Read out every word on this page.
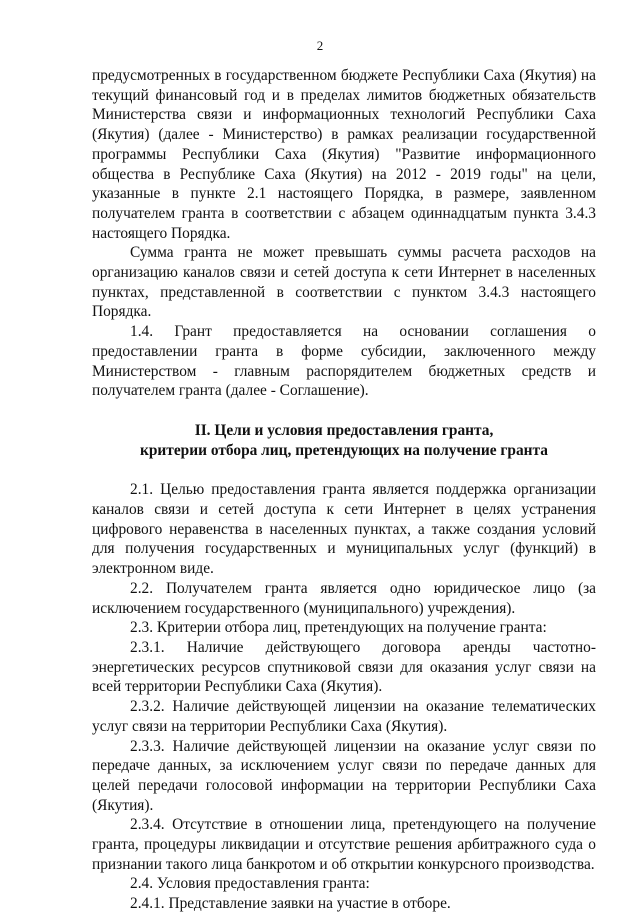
2

предусмотренных в государственном бюджете Республики Саха (Якутия) на текущий финансовый год и в пределах лимитов бюджетных обязательств Министерства связи и информационных технологий Республики Саха (Якутия) (далее - Министерство) в рамках реализации государственной программы Республики Саха (Якутия) "Развитие информационного общества в Республике Саха (Якутия) на 2012 - 2019 годы" на цели, указанные в пункте 2.1 настоящего Порядка, в размере, заявленном получателем гранта в соответствии с абзацем одиннадцатым пункта 3.4.3 настоящего Порядка.

Сумма гранта не может превышать суммы расчета расходов на организацию каналов связи и сетей доступа к сети Интернет в населенных пунктах, представленной в соответствии с пунктом 3.4.3 настоящего Порядка.

1.4. Грант предоставляется на основании соглашения о предоставлении гранта в форме субсидии, заключенного между Министерством - главным распорядителем бюджетных средств и получателем гранта (далее - Соглашение).

II. Цели и условия предоставления гранта,
критерии отбора лиц, претендующих на получение гранта

2.1. Целью предоставления гранта является поддержка организации каналов связи и сетей доступа к сети Интернет в целях устранения цифрового неравенства в населенных пунктах, а также создания условий для получения государственных и муниципальных услуг (функций) в электронном виде.

2.2. Получателем гранта является одно юридическое лицо (за исключением государственного (муниципального) учреждения).

2.3. Критерии отбора лиц, претендующих на получение гранта:

2.3.1. Наличие действующего договора аренды частотно-энергетических ресурсов спутниковой связи для оказания услуг связи на всей территории Республики Саха (Якутия).

2.3.2. Наличие действующей лицензии на оказание телематических услуг связи на территории Республики Саха (Якутия).

2.3.3. Наличие действующей лицензии на оказание услуг связи по передаче данных, за исключением услуг связи по передаче данных для целей передачи голосовой информации на территории Республики Саха (Якутия).

2.3.4. Отсутствие в отношении лица, претендующего на получение гранта, процедуры ликвидации и отсутствие решения арбитражного суда о признании такого лица банкротом и об открытии конкурсного производства.

2.4. Условия предоставления гранта:

2.4.1. Представление заявки на участие в отборе.
